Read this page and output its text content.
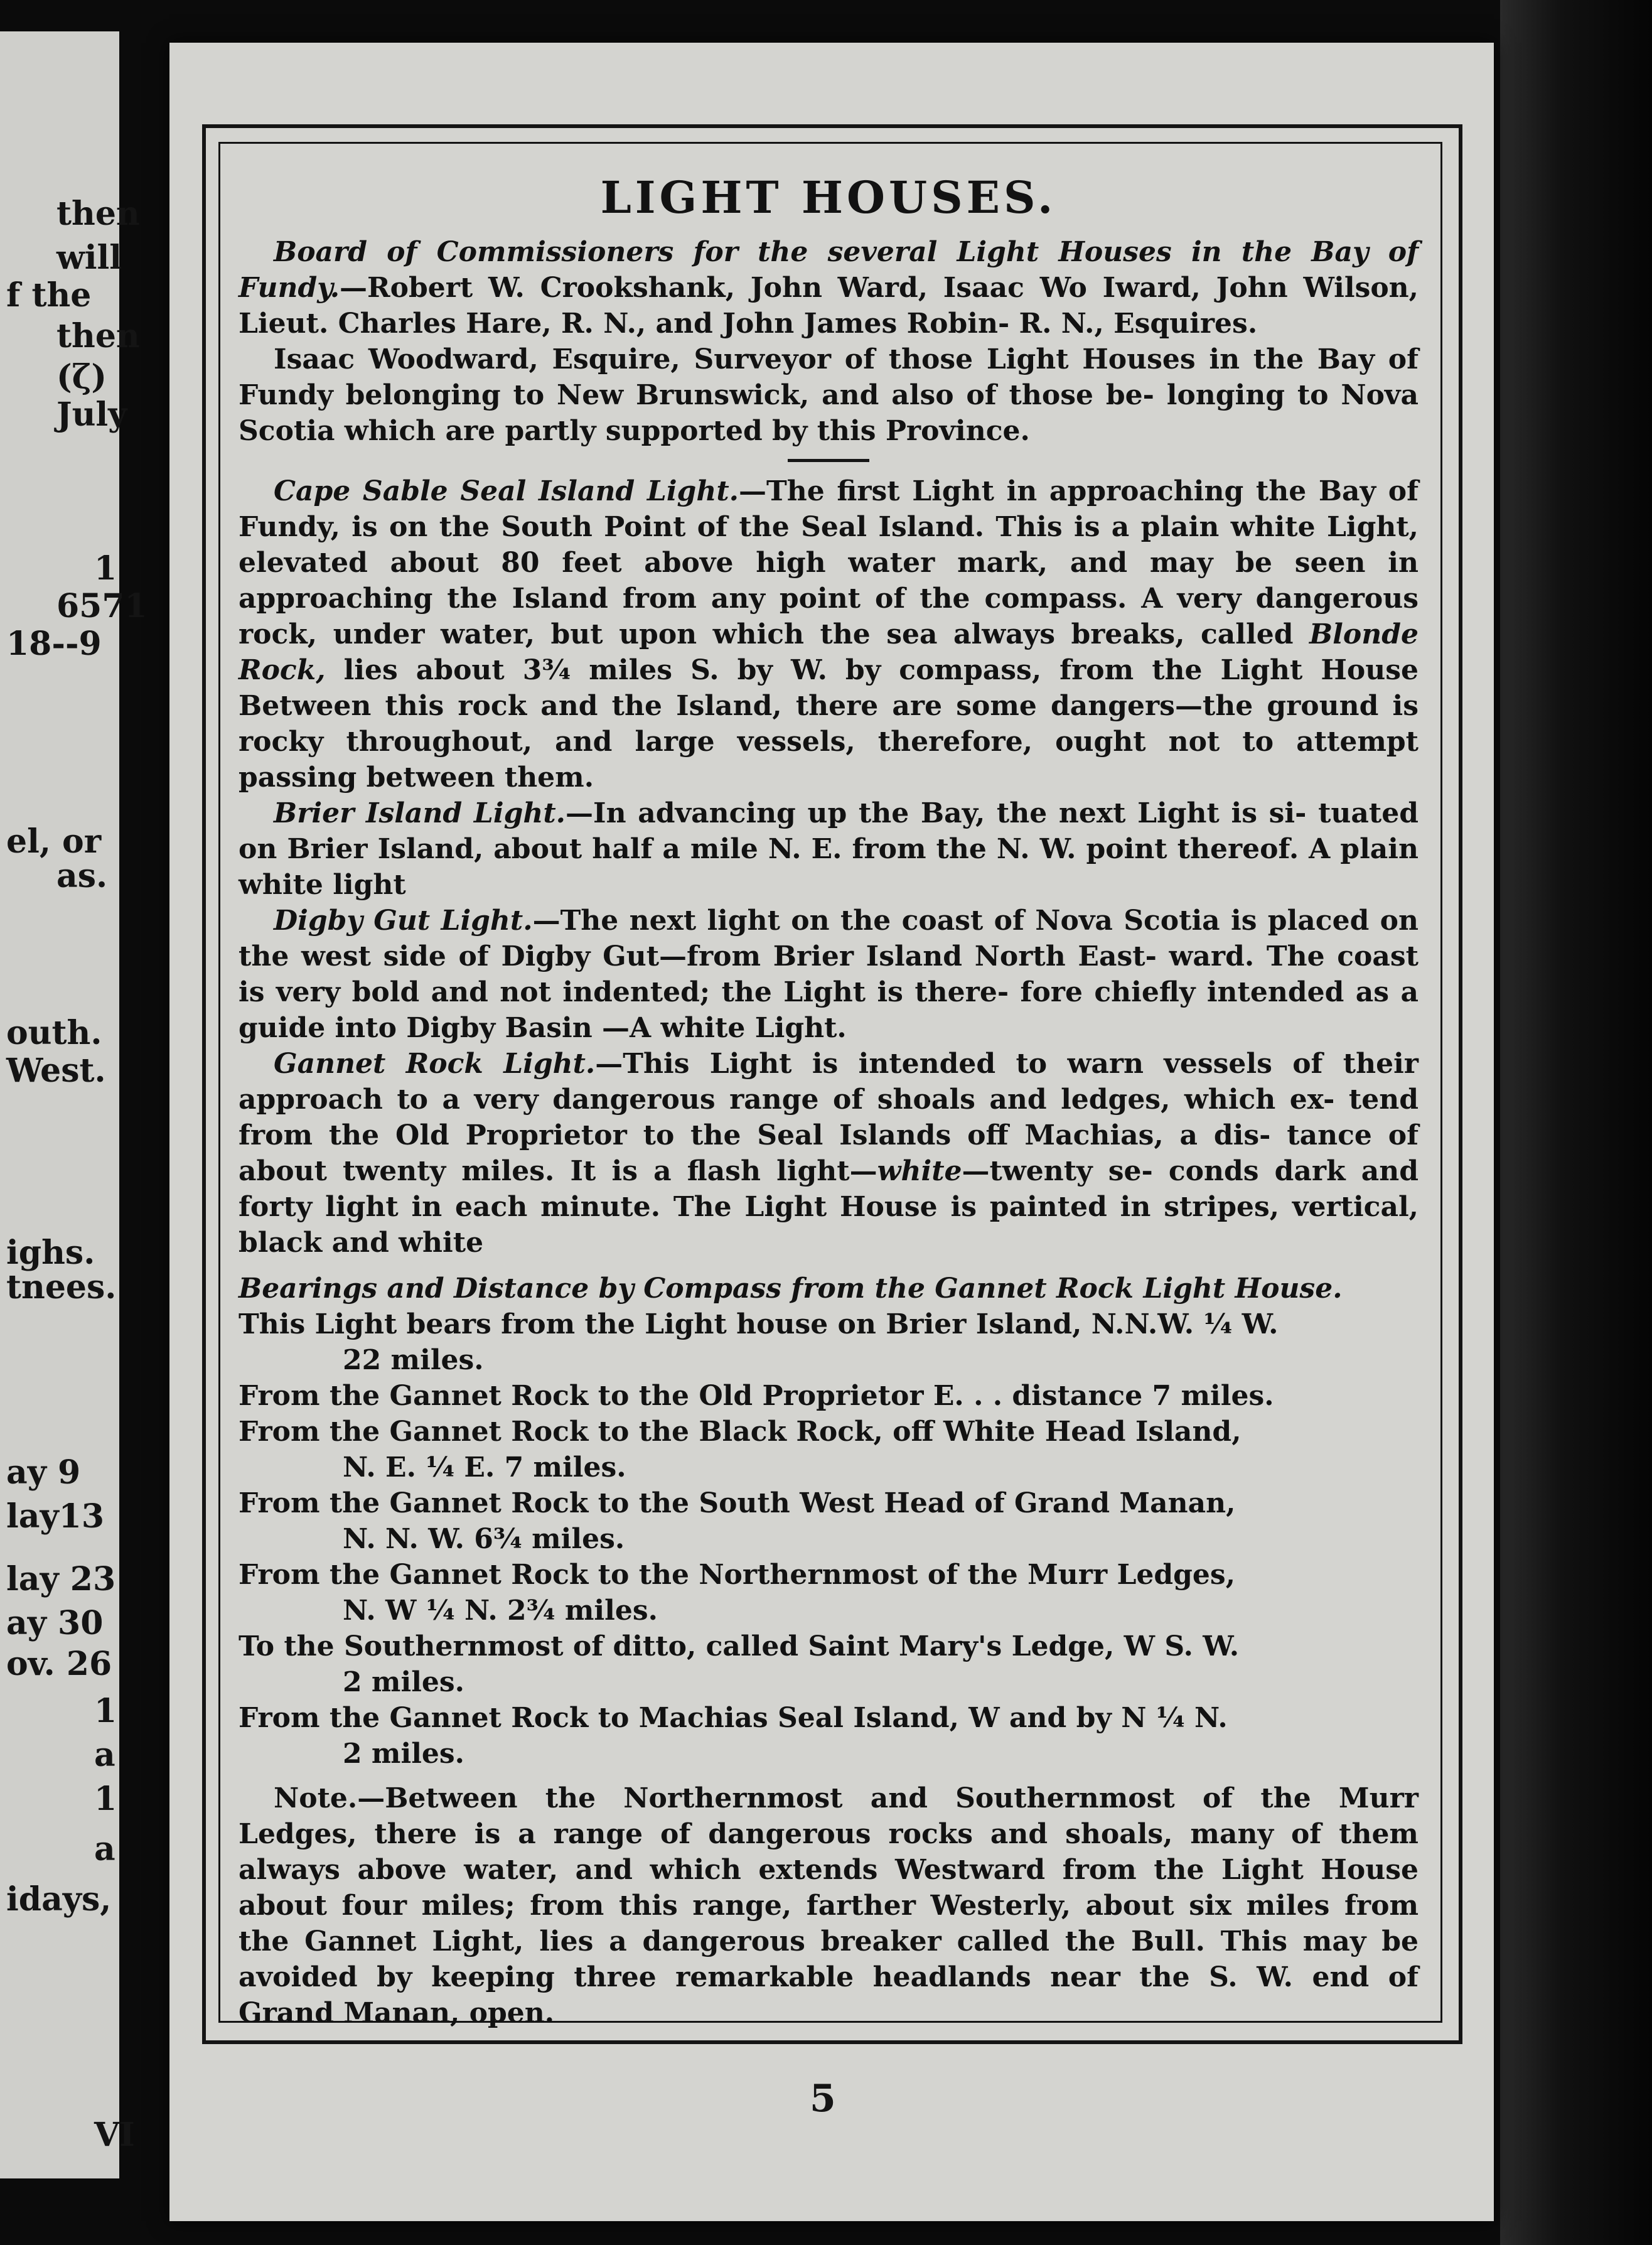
then
will
f the
then
(ζ)
July
1
6571
18--9
el, or
as.
outh.
West.
ighs.
tnees.
ay 9
lay13
lay 23
ay 30
ov. 26
1
a
1
a
idays,
VI
LIGHT HOUSES.

Board of Commissioners for the several Light Houses in the Bay of Fundy.—Robert W. Crookshank, John Ward, Isaac Wo Iward, John Wilson, Lieut. Charles Hare, R. N., and John James Robin- R. N., Esquires.

Isaac Woodward, Esquire, Surveyor of those Light Houses in the Bay of Fundy belonging to New Brunswick, and also of those be- longing to Nova Scotia which are partly supported by this Province.

Cape Sable Seal Island Light.—The first Light in approaching the Bay of Fundy, is on the South Point of the Seal Island. This is a plain white Light, elevated about 80 feet above high water mark, and may be seen in approaching the Island from any point of the compass. A very dangerous rock, under water, but upon which the sea always breaks, called Blonde Rock, lies about 3¾ miles S. by W. by compass, from the Light House Between this rock and the Island, there are some dangers—the ground is rocky throughout, and large vessels, therefore, ought not to attempt passing between them.

Brier Island Light.—In advancing up the Bay, the next Light is si- tuated on Brier Island, about half a mile N. E. from the N. W. point thereof. A plain white light

Digby Gut Light.—The next light on the coast of Nova Scotia is placed on the west side of Digby Gut—from Brier Island North East- ward. The coast is very bold and not indented; the Light is there- fore chiefly intended as a guide into Digby Basin —A white Light.

Gannet Rock Light.—This Light is intended to warn vessels of their approach to a very dangerous range of shoals and ledges, which ex- tend from the Old Proprietor to the Seal Islands off Machias, a dis- tance of about twenty miles. It is a flash light—white—twenty se- conds dark and forty light in each minute. The Light House is painted in stripes, vertical, black and white

Bearings and Distance by Compass from the Gannet Rock Light House.

This Light bears from the Light house on Brier Island, N.N.W. ¼ W.
22 miles.

From the Gannet Rock to the Old Proprietor E. . . distance 7 miles.

From the Gannet Rock to the Black Rock, off White Head Island,
N. E. ¼ E. 7 miles.

From the Gannet Rock to the South West Head of Grand Manan,
N. N. W. 6¾ miles.

From the Gannet Rock to the Northernmost of the Murr Ledges,
N. W ¼ N. 2¾ miles.

To the Southernmost of ditto, called Saint Mary's Ledge, W S. W.
2 miles.

From the Gannet Rock to Machias Seal Island, W and by N ¼ N.
2 miles.

Note.—Between the Northernmost and Southernmost of the Murr Ledges, there is a range of dangerous rocks and shoals, many of them always above water, and which extends Westward from the Light House about four miles; from this range, farther Westerly, about six miles from the Gannet Light, lies a dangerous breaker called the Bull. This may be avoided by keeping three remarkable headlands near the S. W. end of Grand Manan, open.

5
